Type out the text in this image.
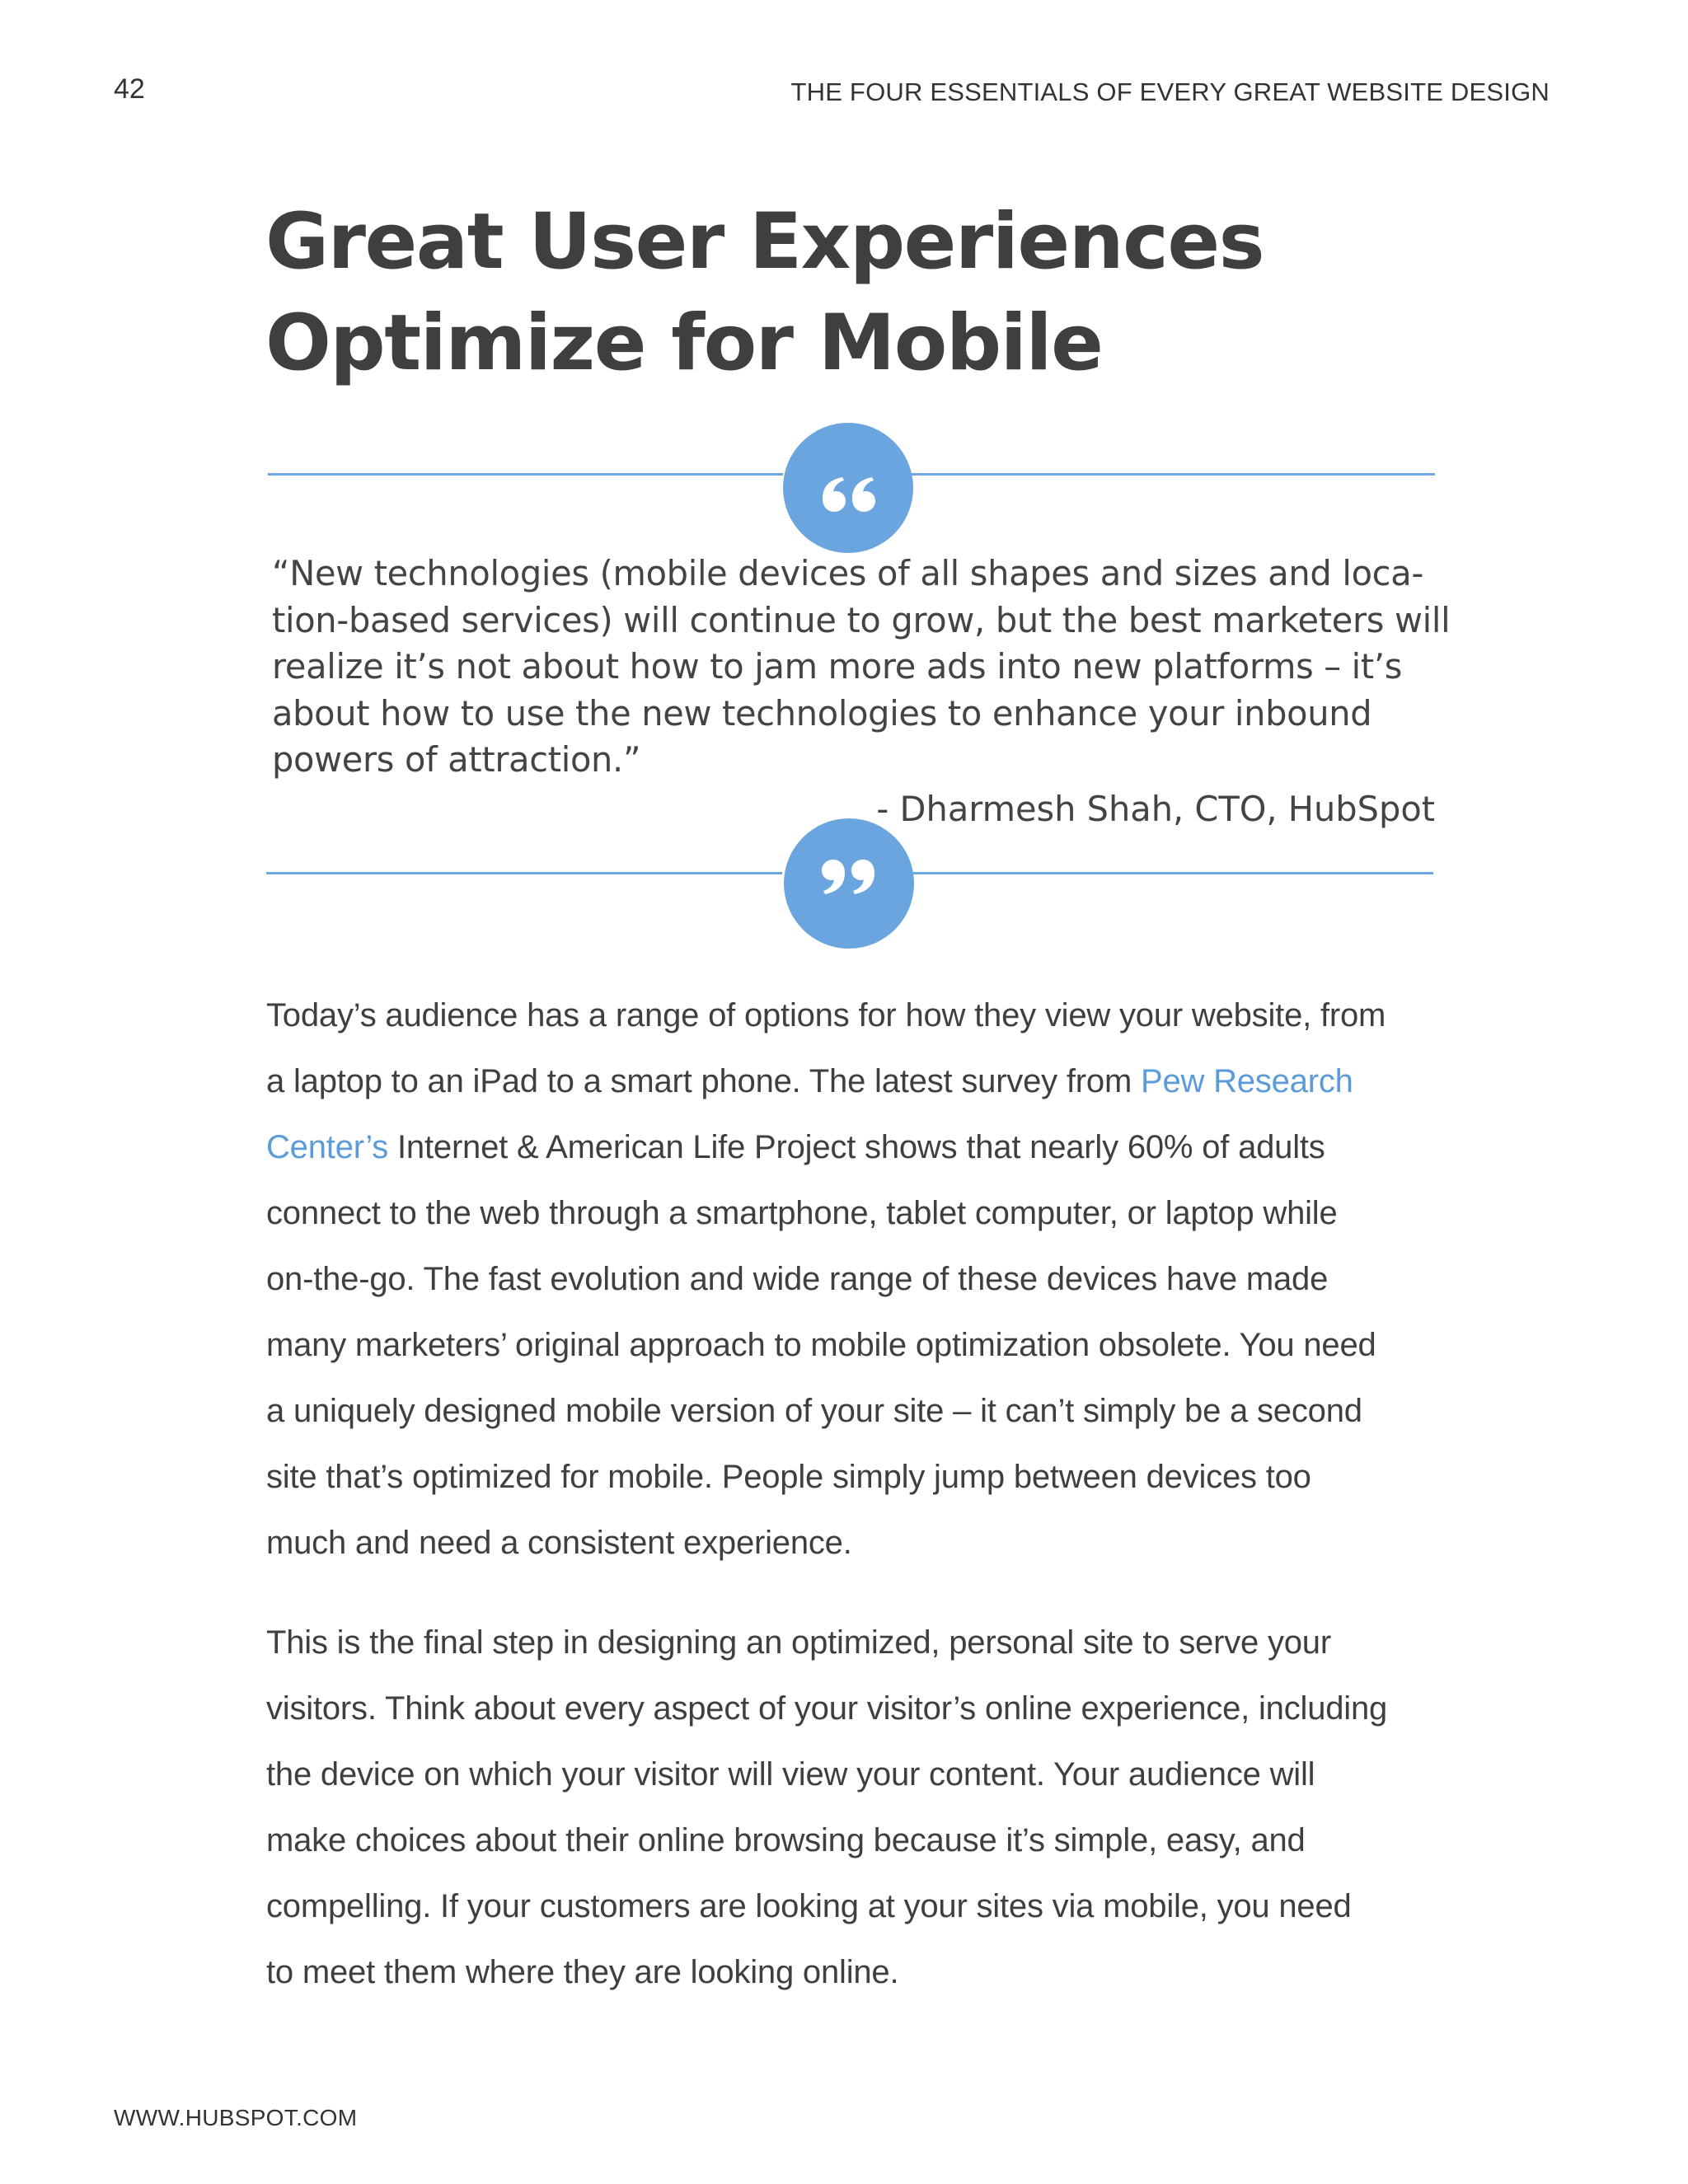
42	THE FOUR ESSENTIALS OF EVERY GREAT WEBSITE DESIGN
Great User Experiences
Optimize for Mobile
“New technologies (mobile devices of all shapes and sizes and loca-
tion-based services) will continue to grow, but the best marketers will
realize it’s not about how to jam more ads into new platforms – it’s
about how to use the new technologies to enhance your inbound
powers of attraction.”
- Dharmesh Shah, CTO, HubSpot
Today’s audience has a range of options for how they view your website, from
a laptop to an iPad to a smart phone. The latest survey from Pew Research
Center’s Internet & American Life Project shows that nearly 60% of adults
connect to the web through a smartphone, tablet computer, or laptop while
on-the-go. The fast evolution and wide range of these devices have made
many marketers’ original approach to mobile optimization obsolete. You need
a uniquely designed mobile version of your site – it can’t simply be a second
site that’s optimized for mobile. People simply jump between devices too
much and need a consistent experience.
This is the final step in designing an optimized, personal site to serve your
visitors. Think about every aspect of your visitor’s online experience, including
the device on which your visitor will view your content. Your audience will
make choices about their online browsing because it’s simple, easy, and
compelling. If your customers are looking at your sites via mobile, you need
to meet them where they are looking online.
WWW.HUBSPOT.COM
